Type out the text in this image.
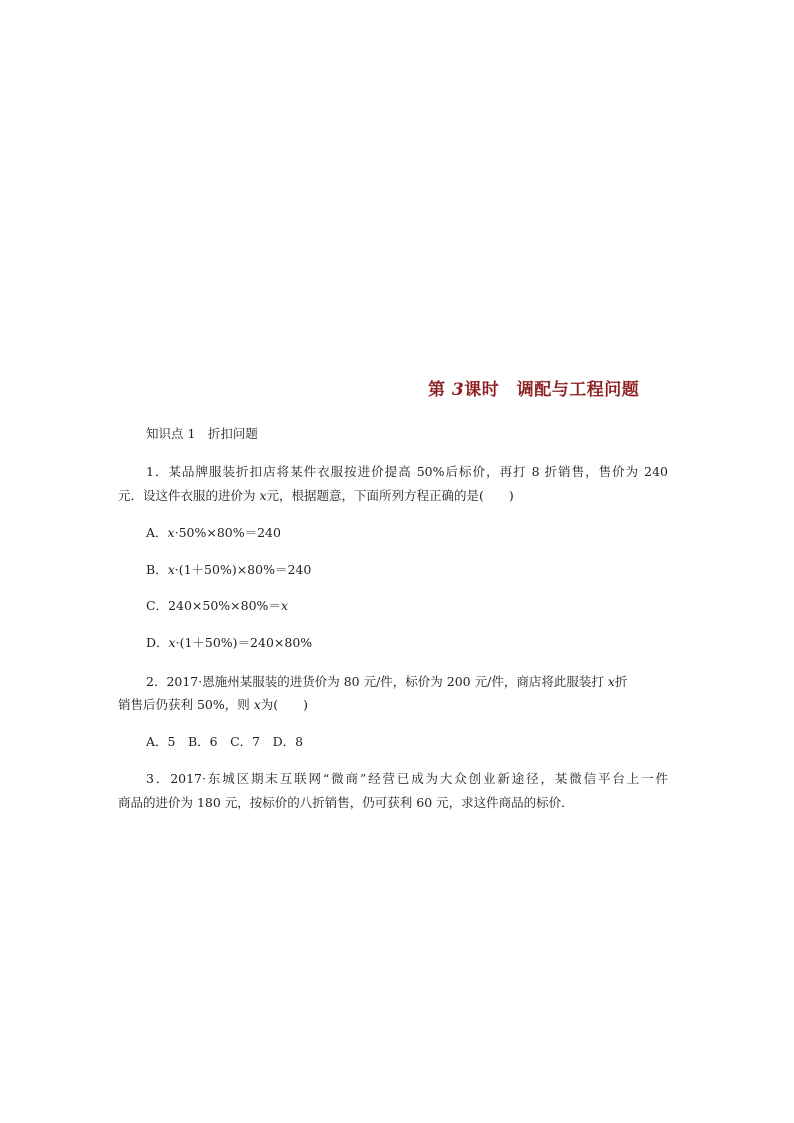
第 3课时　调配与工程问题
知识点 1　折扣问题
1．某品牌服装折扣店将某件衣服按进价提高 50%后标价，再打 8 折销售，售价为 240
元．设这件衣服的进价为 x元，根据题意，下面所列方程正确的是(　　)
A．x·50%×80%＝240
B．x·(1＋50%)×80%＝240
C．240×50%×80%＝x
D．x·(1＋50%)＝240×80%
2．2017·恩施州某服装的进货价为 80 元/件，标价为 200 元/件，商店将此服装打 x折
销售后仍获利 50%，则 x为(　　)
A．5　B．6　C．7　D．8
3．2017·东城区期末互联网“微商”经营已成为大众创业新途径，某微信平台上一件
商品的进价为 180 元，按标价的八折销售，仍可获利 60 元，求这件商品的标价．
